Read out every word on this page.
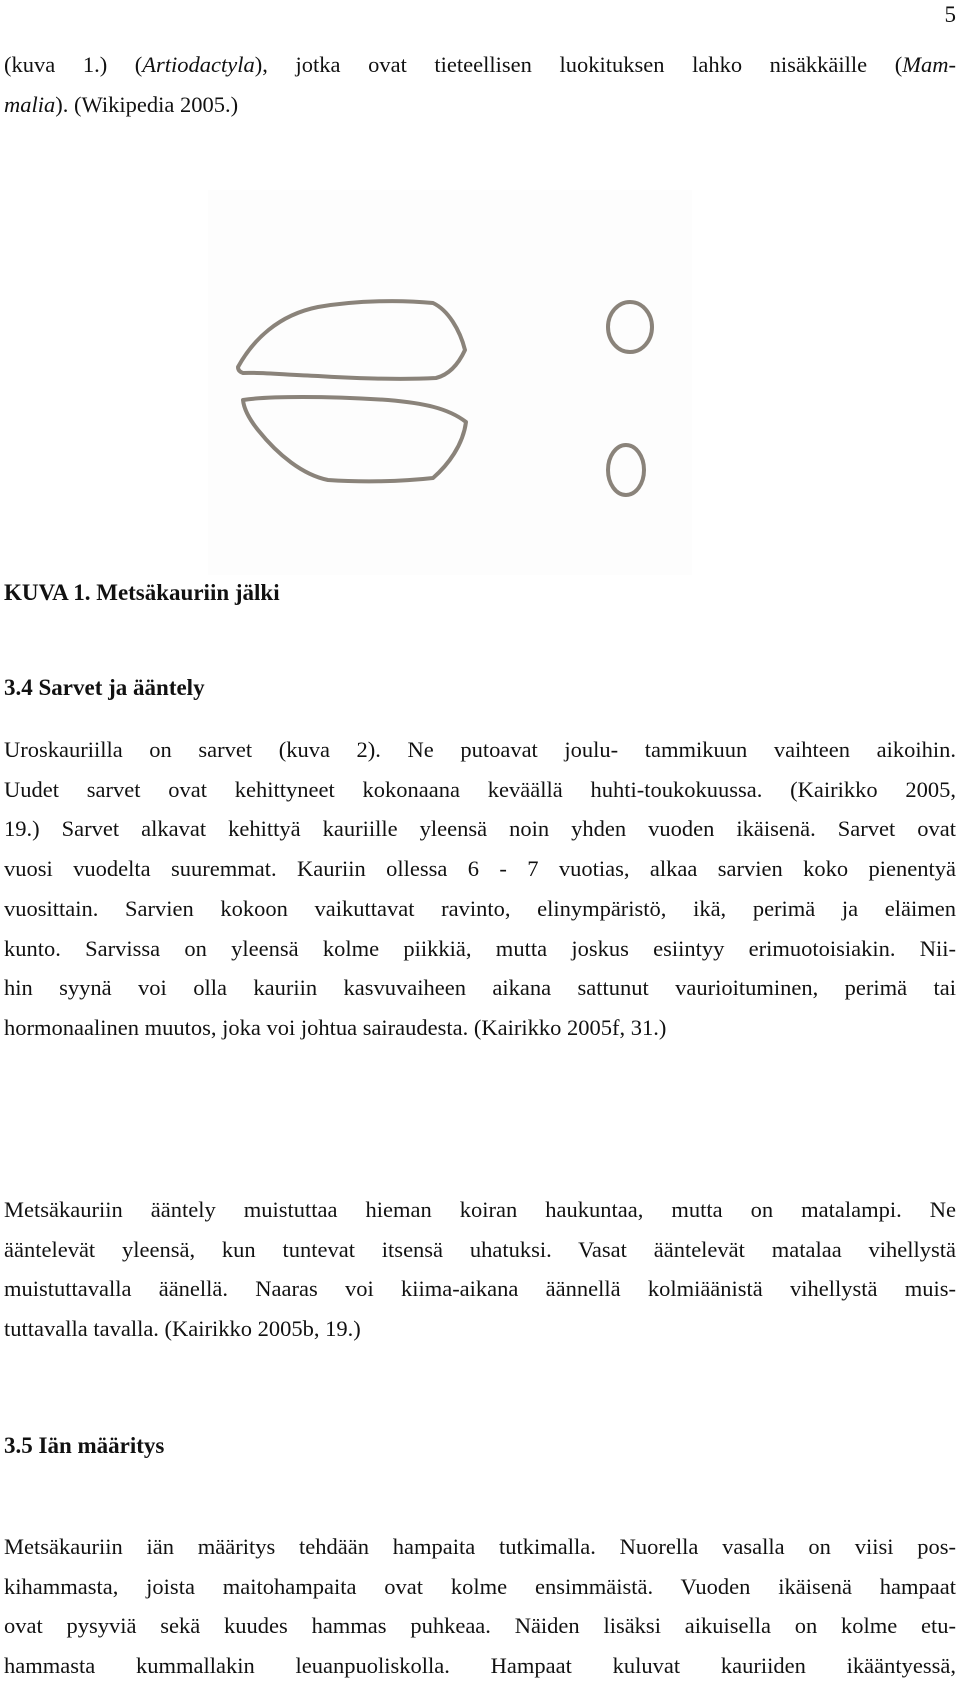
5

(kuva 1.) (Artiodactyla), jotka ovat tieteellisen luokituksen lahko nisäkkäille (Mam-
malia). (Wikipedia 2005.)

KUVA 1. Metsäkauriin jälki
3.4 Sarvet ja ääntely

Uroskauriilla on sarvet (kuva 2). Ne putoavat joulu- tammikuun vaihteen aikoihin.
Uudet sarvet ovat kehittyneet kokonaana keväällä huhti-toukokuussa. (Kairikko 2005,
19.) Sarvet alkavat kehittyä kauriille yleensä noin yhden vuoden ikäisenä. Sarvet ovat
vuosi vuodelta suuremmat. Kauriin ollessa 6 - 7 vuotias, alkaa sarvien koko pienentyä
vuosittain. Sarvien kokoon vaikuttavat ravinto, elinympäristö, ikä, perimä ja eläimen
kunto. Sarvissa on yleensä kolme piikkiä, mutta joskus esiintyy erimuotoisiakin. Nii-
hin syynä voi olla kauriin kasvuvaiheen aikana sattunut vaurioituminen, perimä tai
hormonaalinen muutos, joka voi johtua sairaudesta. (Kairikko 2005f, 31.)

Metsäkauriin ääntely muistuttaa hieman koiran haukuntaa, mutta on matalampi. Ne
ääntelevät yleensä, kun tuntevat itsensä uhatuksi. Vasat ääntelevät matalaa vihellystä
muistuttavalla äänellä. Naaras voi kiima-aikana äännellä kolmiäänistä vihellystä muis-
tuttavalla tavalla. (Kairikko 2005b, 19.)

3.5 Iän määritys

Metsäkauriin iän määritys tehdään hampaita tutkimalla. Nuorella vasalla on viisi pos-
kihammasta, joista maitohampaita ovat kolme ensimmäistä. Vuoden ikäisenä hampaat
ovat pysyviä sekä kuudes hammas puhkeaa. Näiden lisäksi aikuisella on kolme etu-
hammasta kummallakin leuanpuoliskolla. Hampaat kuluvat kauriiden ikääntyessä,
